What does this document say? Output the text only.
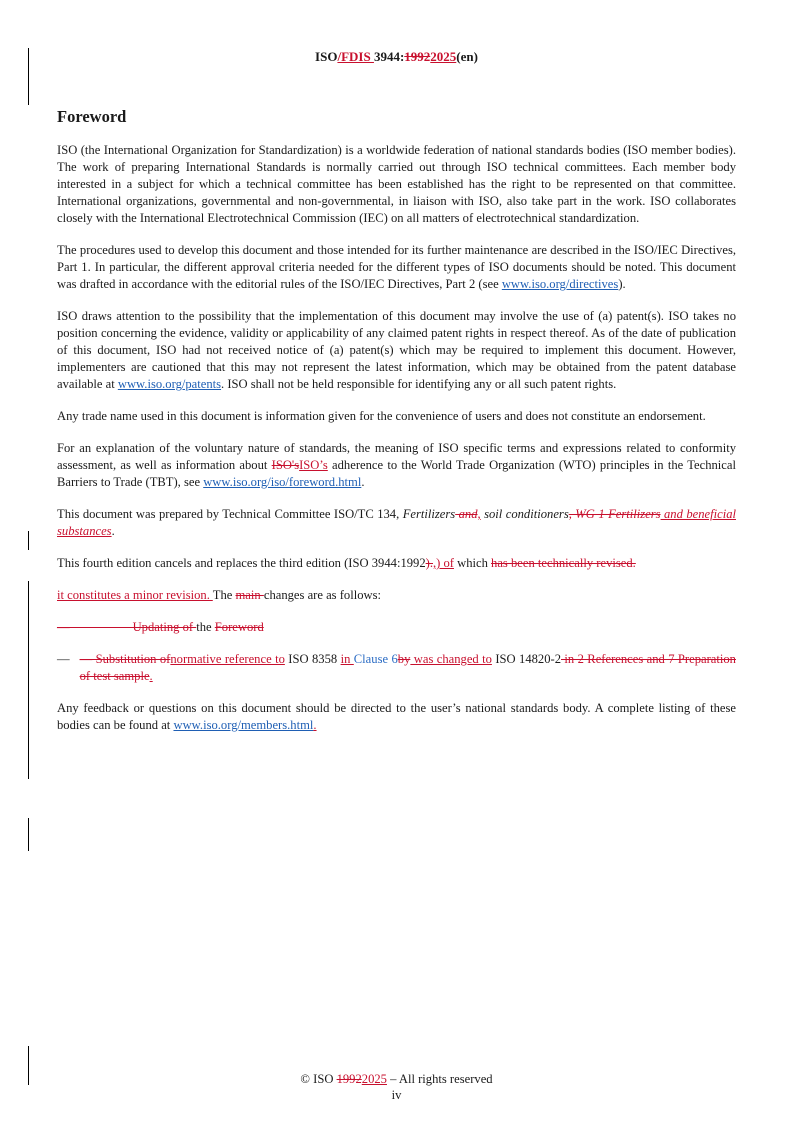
ISO/FDIS 3944:19922025(en)
Foreword

ISO (the International Organization for Standardization) is a worldwide federation of national standards bodies (ISO member bodies). The work of preparing International Standards is normally carried out through ISO technical committees. Each member body interested in a subject for which a technical committee has been established has the right to be represented on that committee. International organizations, governmental and non-governmental, in liaison with ISO, also take part in the work. ISO collaborates closely with the International Electrotechnical Commission (IEC) on all matters of electrotechnical standardization.

The procedures used to develop this document and those intended for its further maintenance are described in the ISO/IEC Directives, Part 1. In particular, the different approval criteria needed for the different types of ISO documents should be noted. This document was drafted in accordance with the editorial rules of the ISO/IEC Directives, Part 2 (see www.iso.org/directives).

ISO draws attention to the possibility that the implementation of this document may involve the use of (a) patent(s). ISO takes no position concerning the evidence, validity or applicability of any claimed patent rights in respect thereof. As of the date of publication of this document, ISO had not received notice of (a) patent(s) which may be required to implement this document. However, implementers are cautioned that this may not represent the latest information, which may be obtained from the patent database available at www.iso.org/patents. ISO shall not be held responsible for identifying any or all such patent rights.

Any trade name used in this document is information given for the convenience of users and does not constitute an endorsement.

For an explanation of the voluntary nature of standards, the meaning of ISO specific terms and expressions related to conformity assessment, as well as information about ISO'sISO’s adherence to the World Trade Organization (WTO) principles in the Technical Barriers to Trade (TBT), see www.iso.org/iso/foreword.html.

This document was prepared by Technical Committee ISO/TC 134, Fertilizers and, soil conditioners, WG 1 Fertilizers and beneficial substances.

This fourth edition cancels and replaces the third edition (ISO 3944:1992).,) of which has been technically revised.

it constitutes a minor revision. The main changes are as follows:

—                    Updating of the Foreword

— — Substitution ofnormative reference to ISO 8358 in Clause 6by was changed to ISO 14820-2 in 2 References and 7 Preparation of test sample.

Any feedback or questions on this document should be directed to the user’s national standards body. A complete listing of these bodies can be found at www.iso.org/members.html.

© ISO 19922025 – All rights reserved
iv
